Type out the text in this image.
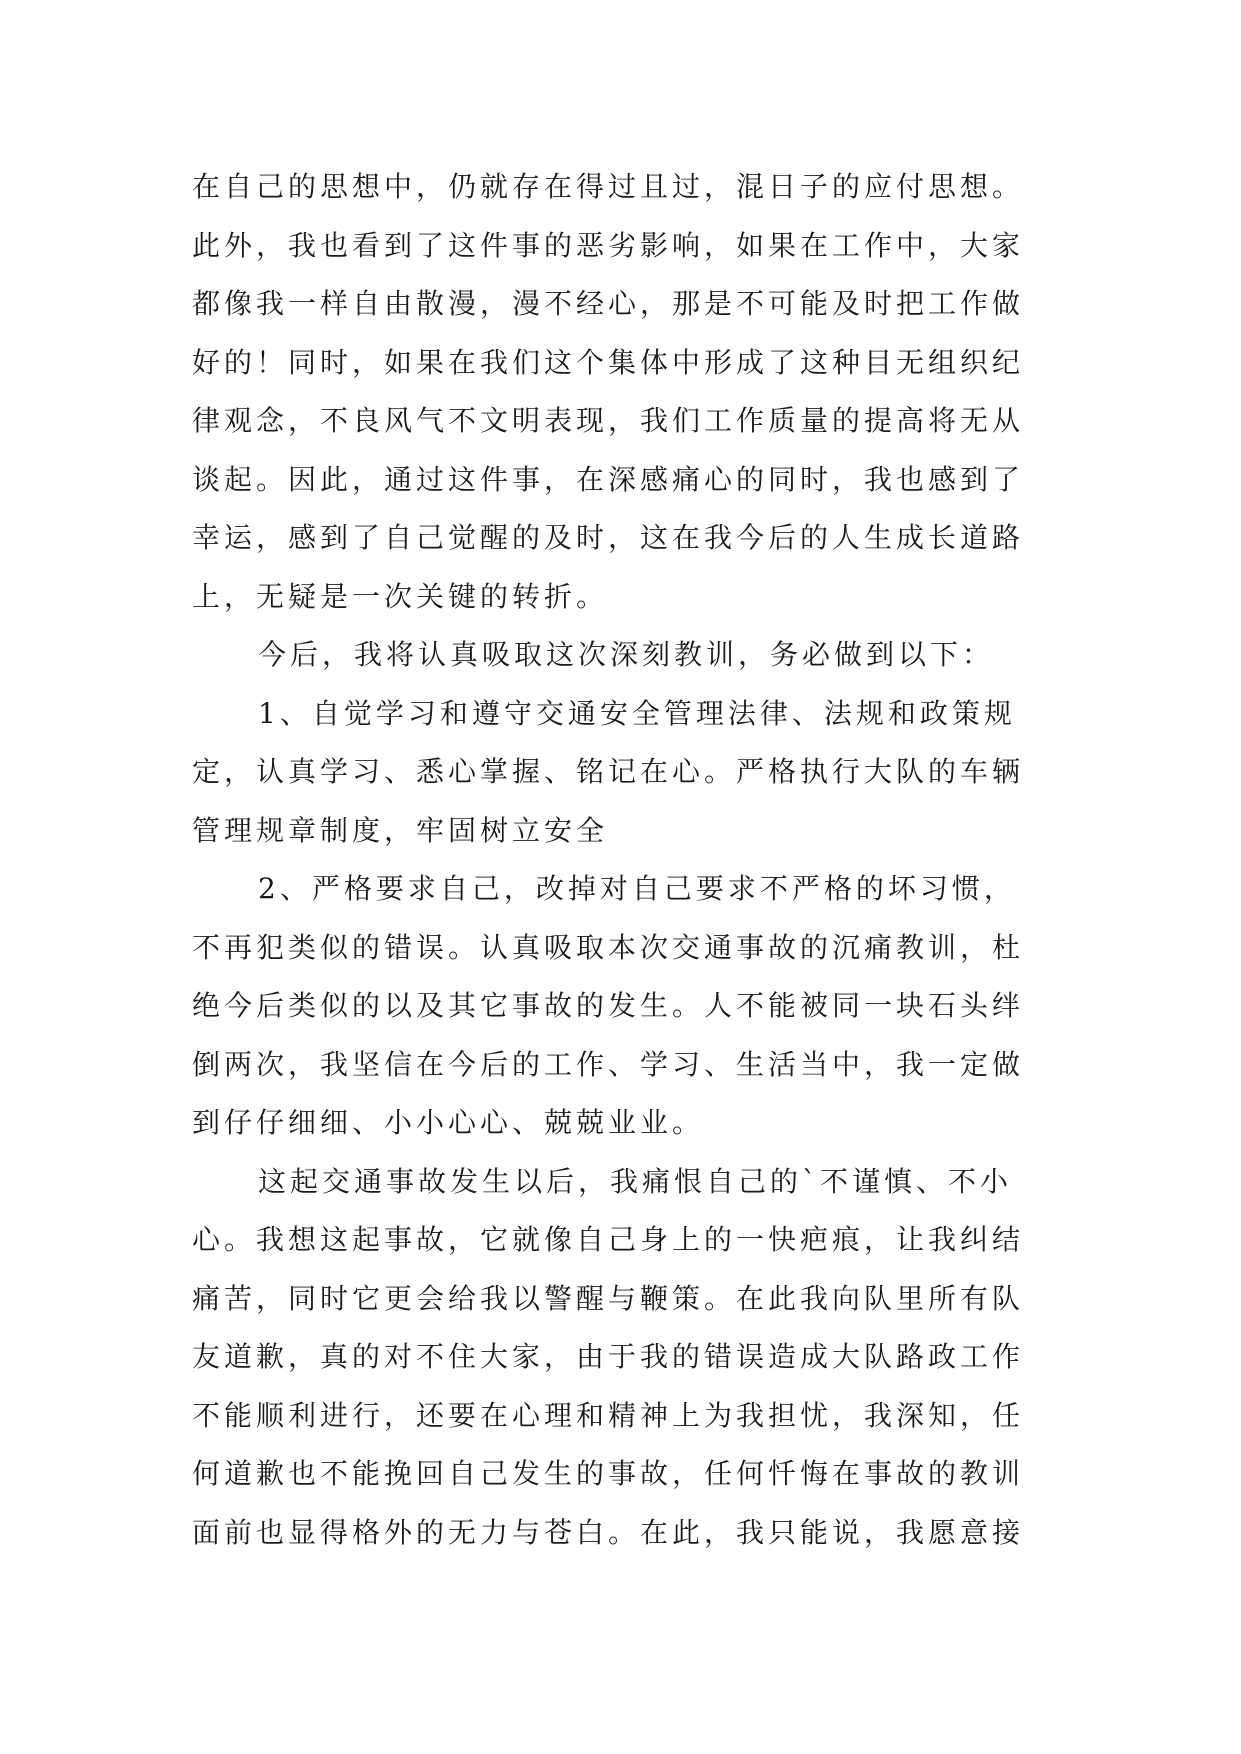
在自己的思想中，仍就存在得过且过，混日子的应付思想。
此外，我也看到了这件事的恶劣影响，如果在工作中，大家
都像我一样自由散漫，漫不经心，那是不可能及时把工作做
好的！同时，如果在我们这个集体中形成了这种目无组织纪
律观念，不良风气不文明表现，我们工作质量的提高将无从
谈起。因此，通过这件事，在深感痛心的同时，我也感到了
幸运，感到了自己觉醒的及时，这在我今后的人生成长道路
上，无疑是一次关键的转折。
今后，我将认真吸取这次深刻教训，务必做到以下：
1、自觉学习和遵守交通安全管理法律、法规和政策规
定，认真学习、悉心掌握、铭记在心。严格执行大队的车辆
管理规章制度，牢固树立安全
2、严格要求自己，改掉对自己要求不严格的坏习惯，
不再犯类似的错误。认真吸取本次交通事故的沉痛教训，杜
绝今后类似的以及其它事故的发生。人不能被同一块石头绊
倒两次，我坚信在今后的工作、学习、生活当中，我一定做
到仔仔细细、小小心心、兢兢业业。
这起交通事故发生以后，我痛恨自己的`不谨慎、不小
心。我想这起事故，它就像自己身上的一快疤痕，让我纠结
痛苦，同时它更会给我以警醒与鞭策。在此我向队里所有队
友道歉，真的对不住大家，由于我的错误造成大队路政工作
不能顺利进行，还要在心理和精神上为我担忧，我深知，任
何道歉也不能挽回自己发生的事故，任何忏悔在事故的教训
面前也显得格外的无力与苍白。在此，我只能说，我愿意接
